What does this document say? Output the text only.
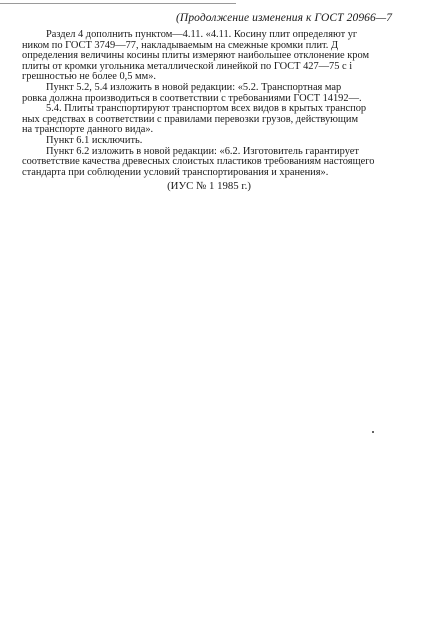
(Продолжение изменения к ГОСТ 20966—7
Раздел 4 дополнить пунктом—4.11. «4.11. Косину плит определяют уг
ником по ГОСТ 3749—77, накладываемым на смежные кромки плит. Д
определения величины косины плиты измеряют наибольшее отклонение кром
плиты от кромки угольника металлической линейкой по ГОСТ 427—75 с і
грешностью не более 0,5 мм».
Пункт 5.2, 5.4 изложить в новой редакции: «5.2. Транспортная мар
ровка должна производиться в соответствии с требованиями ГОСТ 14192—.
5.4. Плиты транспортируют транспортом всех видов в крытых транспор
ных средствах в соответствии с правилами перевозки грузов, действующим
на транспорте данного вида».
Пункт 6.1 исключить.
Пункт 6.2 изложить в новой редакции: «6.2. Изготовитель гарантирует
соответствие качества древесных слоистых пластиков требованиям настоящего
стандарта при соблюдении условий транспортирования и хранения».
(ИУС № 1 1985 г.)
